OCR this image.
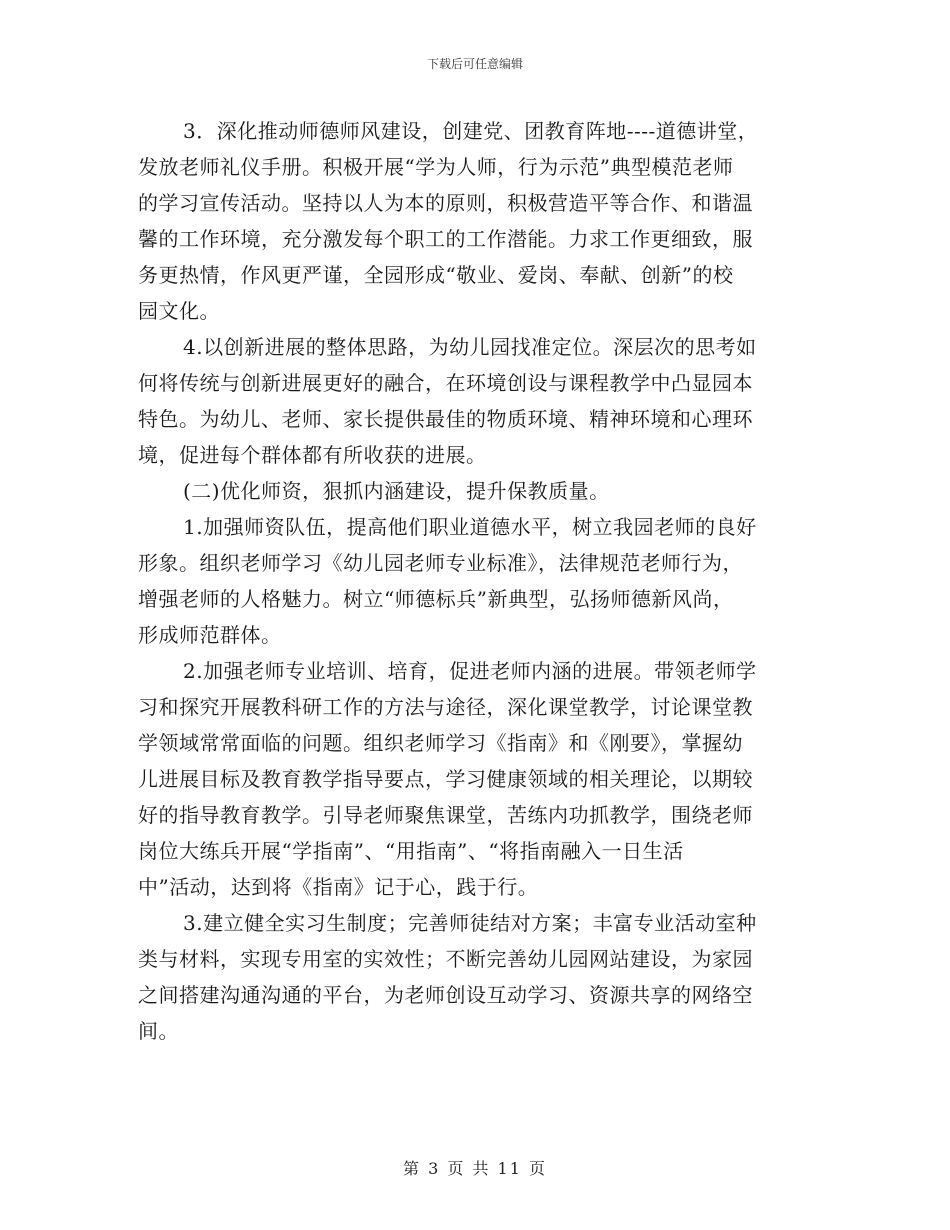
下载后可任意编辑

3．深化推动师德师风建设，创建党、团教育阵地----道德讲堂，
发放老师礼仪手册。积极开展“学为人师，行为示范”典型模范老师
的学习宣传活动。坚持以人为本的原则，积极营造平等合作、和谐温
馨的工作环境，充分激发每个职工的工作潜能。力求工作更细致，服
务更热情，作风更严谨，全园形成“敬业、爱岗、奉献、创新”的校
园文化。

4.以创新进展的整体思路，为幼儿园找准定位。深层次的思考如
何将传统与创新进展更好的融合，在环境创设与课程教学中凸显园本
特色。为幼儿、老师、家长提供最佳的物质环境、精神环境和心理环
境，促进每个群体都有所收获的进展。

(二)优化师资，狠抓内涵建设，提升保教质量。

1.加强师资队伍，提高他们职业道德水平，树立我园老师的良好
形象。组织老师学习《幼儿园老师专业标准》，法律规范老师行为，
增强老师的人格魅力。树立“师德标兵”新典型，弘扬师德新风尚，
形成师范群体。

2.加强老师专业培训、培育，促进老师内涵的进展。带领老师学
习和探究开展教科研工作的方法与途径，深化课堂教学，讨论课堂教
学领域常常面临的问题。组织老师学习《指南》和《刚要》，掌握幼
儿进展目标及教育教学指导要点，学习健康领域的相关理论，以期较
好的指导教育教学。引导老师聚焦课堂，苦练内功抓教学，围绕老师
岗位大练兵开展“学指南”、“用指南”、“将指南融入一日生活
中”活动，达到将《指南》记于心，践于行。

3.建立健全实习生制度；完善师徒结对方案；丰富专业活动室种
类与材料，实现专用室的实效性；不断完善幼儿园网站建设，为家园
之间搭建沟通沟通的平台，为老师创设互动学习、资源共享的网络空
间。

第 3 页 共 11 页
